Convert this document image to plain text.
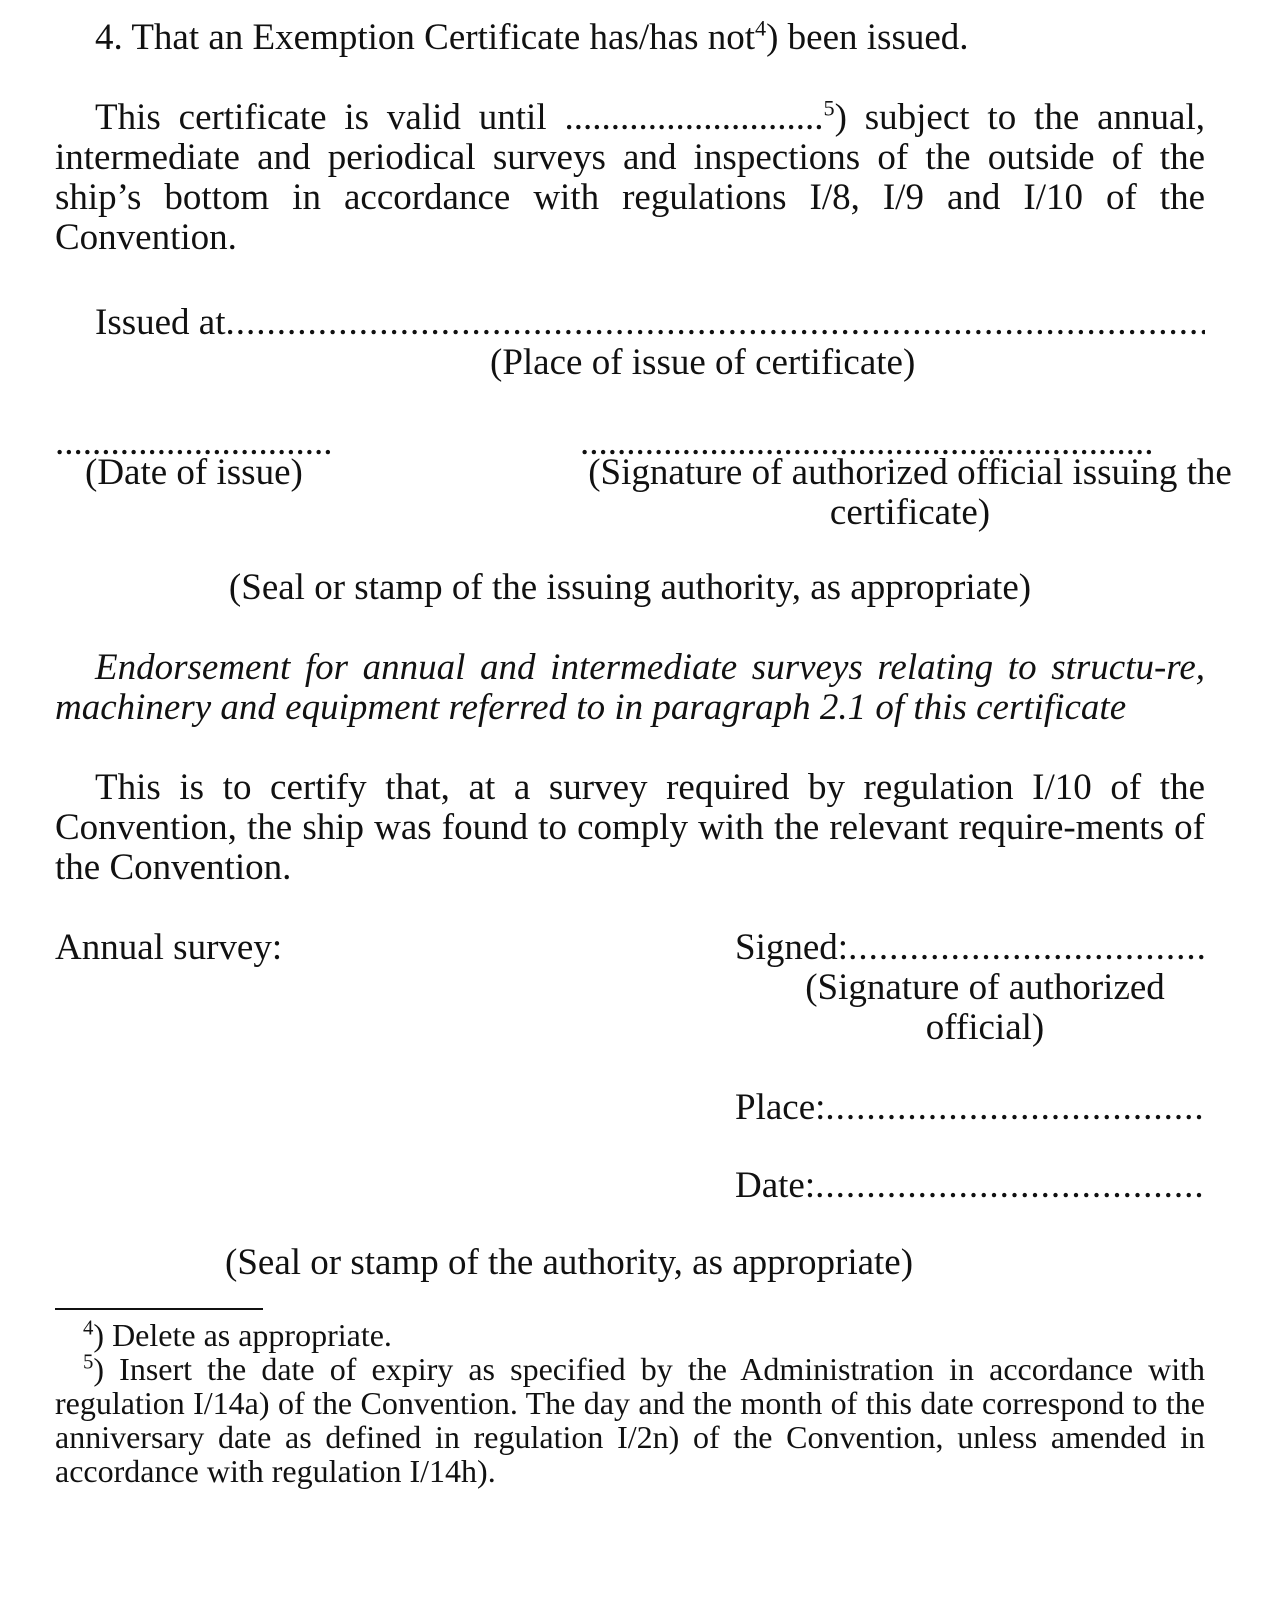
4. That an Exemption Certificate has/has not$^4$) been issued.

This certificate is valid until ............................$^5$) subject to the annual, intermediate and periodical surveys and inspections of the outside of the ship’s bottom in accordance with regulations I/8, I/9 and I/10 of the Convention.

Issued at
.....

(Place of issue of certificate)

..............................	..............................................................
(Date of issue)	(Signature of authorized official issuing the certificate)

(Seal or stamp of the issuing authority, as appropriate)

Endorsement for annual and intermediate surveys relating to structu-re, machinery and equipment referred to in paragraph 2.1 of this certificate

This is to certify that, at a survey required by regulation I/10 of the Convention, the ship was found to comply with the relevant require-ments of the Convention.

Annual survey:	Signed:
.....
(Signature of authorized official)
Place:
.....
Date:
.....

(Seal or stamp of the authority, as appropriate)

$^4$) Delete as appropriate.

$^5$) Insert the date of expiry as specified by the Administration in accordance with regulation I/14a) of the Convention. The day and the month of this date correspond to the anniversary date as defined in regulation I/2n) of the Convention, unless amended in accordance with regulation I/14h).
